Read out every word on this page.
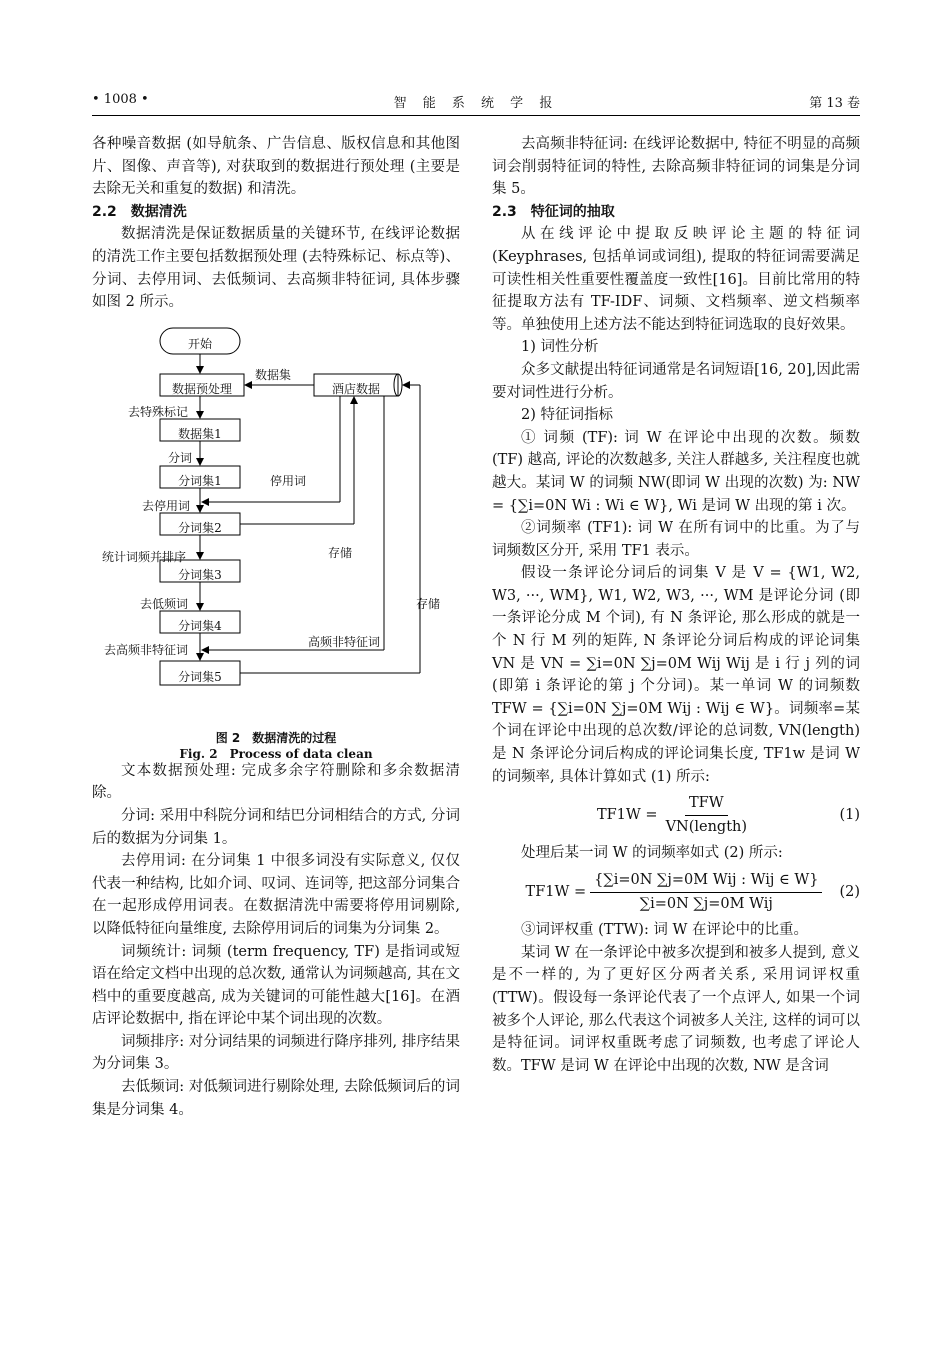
• 1008 •	智 能 系 统 学 报	第 13 卷

各种噪音数据 (如导航条、广告信息、版权信息和其他图片、图像、声音等), 对获取到的数据进行预处理 (主要是去除无关和重复的数据) 和清洗。

2.2　数据清洗

数据清洗是保证数据质量的关键环节, 在线评论数据的清洗工作主要包括数据预处理 (去特殊标记、标点等)、分词、去停用词、去低频词、去高频非特征词, 具体步骤如图 2 所示。

开始
数据预处理	酒店数据
数据集
去特殊标记
数据集1
分词
分词集1	停用词
去停用词
分词集2
存储
统计词频并排序
分词集3
去低频词	存储
分词集4
高频非特征词
去高频非特征词
分词集5
图 2　数据清洗的过程
Fig. 2　Process of data clean

文本数据预处理: 完成多余字符删除和多余数据清除。

分词: 采用中科院分词和结巴分词相结合的方式, 分词后的数据为分词集 1。

去停用词: 在分词集 1 中很多词没有实际意义, 仅仅代表一种结构, 比如介词、叹词、连词等, 把这部分词集合在一起形成停用词表。在数据清洗中需要将停用词剔除, 以降低特征向量维度, 去除停用词后的词集为分词集 2。

词频统计: 词频 (term frequency, TF) 是指词或短语在给定文档中出现的总次数, 通常认为词频越高, 其在文档中的重要度越高, 成为关键词的可能性越大[16]。在酒店评论数据中, 指在评论中某个词出现的次数。

词频排序: 对分词结果的词频进行降序排列, 排序结果为分词集 3。

去低频词: 对低频词进行剔除处理, 去除低频词后的词集是分词集 4。

去高频非特征词: 在线评论数据中, 特征不明显的高频词会削弱特征词的特性, 去除高频非特征词的词集是分词集 5。

2.3　特征词的抽取

从在线评论中提取反映评论主题的特征词 (Keyphrases, 包括单词或词组), 提取的特征词需要满足可读性相关性重要性覆盖度一致性[16]。目前比常用的特征提取方法有 TF-IDF、词频、文档频率、逆文档频率等。单独使用上述方法不能达到特征词选取的良好效果。

1) 词性分析

众多文献提出特征词通常是名词短语[16, 20],因此需要对词性进行分析。

2) 特征词指标

① 词频 (TF): 词 W 在评论中出现的次数。频数 (TF) 越高, 评论的次数越多, 关注人群越多, 关注程度也就越大。某词 W 的词频 NW(即词 W 出现的次数) 为: NW = {∑i=0N Wi : Wi ∈ W}, Wi 是词 W 出现的第 i 次。

②词频率 (TF1): 词 W 在所有词中的比重。为了与词频数区分开, 采用 TF1 表示。

假设一条评论分词后的词集 V 是 V = {W1, W2, W3, ···, WM}, W1, W2, W3, ···, WM 是评论分词 (即一条评论分成 M 个词), 有 N 条评论, 那么形成的就是一个 N 行 M 列的矩阵, N 条评论分词后构成的评论词集 VN 是 VN = ∑i=0N ∑j=0M Wij Wij 是 i 行 j 列的词 (即第 i 条评论的第 j 个分词)。某一单词 W 的词频数 TFW = {∑i=0N ∑j=0M Wij : Wij ∈ W}。词频率=某个词在评论中出现的总次数/评论的总词数, VN(length) 是 N 条评论分词后构成的评论词集长度, TF1w 是词 W 的词频率, 具体计算如式 (1) 所示:

$TF1W = \frac{\text{TFW}}{\text{VN(length)}}$	(1)

处理后某一词 W 的词频率如式 (2) 所示:

$TF1W = \frac{\text{\{∑i=0N ∑j=0M Wij : Wij ∈ W\}}}{\text{∑i=0N ∑j=0M Wij}} (2)$

③词评权重 (TTW): 词 W 在评论中的比重。

某词 W 在一条评论中被多次提到和被多人提到, 意义是不一样的, 为了更好区分两者关系, 采用词评权重 (TTW)。假设每一条评论代表了一个点评人, 如果一个词被多个人评论, 那么代表这个词被多人关注, 这样的词可以是特征词。词评权重既考虑了词频数, 也考虑了评论人数。TFW 是词 W 在评论中出现的次数, NW 是含词
